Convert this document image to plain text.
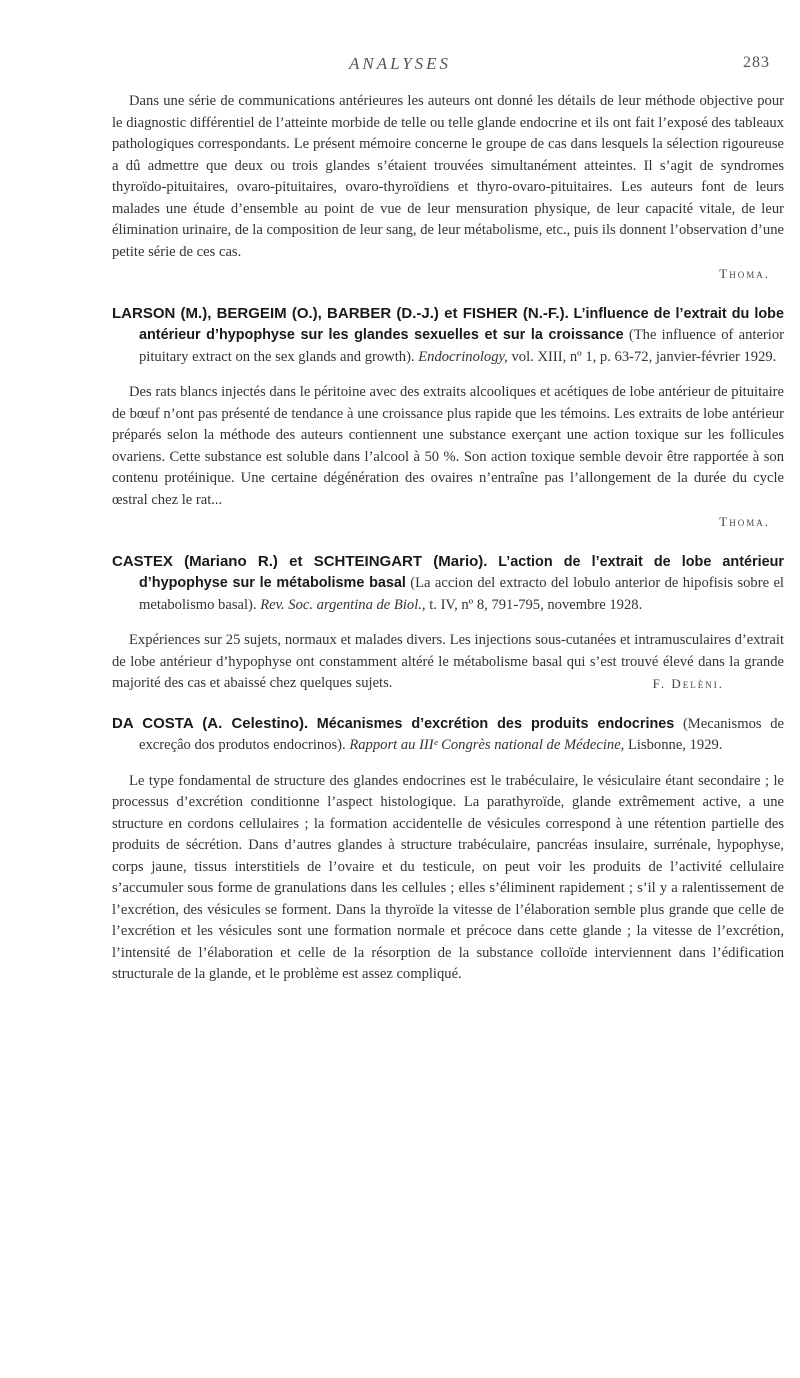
ANALYSES	283

Dans une série de communications antérieures les auteurs ont donné les détails de leur méthode objective pour le diagnostic différentiel de l’atteinte morbide de telle ou telle glande endocrine et ils ont fait l’exposé des tableaux pathologiques correspondants. Le présent mémoire concerne le groupe de cas dans lesquels la sélection rigoureuse a dû admettre que deux ou trois glandes s’étaient trouvées simultanément atteintes. Il s’agit de syndromes thyroïdo-pituitaires, ovaro-pituitaires, ovaro-thyroïdiens et thyro-ovaro-pituitaires. Les auteurs font de leurs malades une étude d’ensemble au point de vue de leur mensuration physique, de leur capacité vitale, de leur élimination urinaire, de la composition de leur sang, de leur métabolisme, etc., puis ils donnent l’observation d’une petite série de ces cas.

Thoma.

LARSON (M.), BERGEIM (O.), BARBER (D.-J.) et FISHER (N.-F.). L’influence de l’extrait du lobe antérieur d’hypophyse sur les glandes sexuelles et sur la croissance (The influence of anterior pituitary extract on the sex glands and growth). Endocrinology, vol. XIII, nº 1, p. 63-72, janvier-février 1929.

Des rats blancs injectés dans le péritoine avec des extraits alcooliques et acétiques de lobe antérieur de pituitaire de bœuf n’ont pas présenté de tendance à une croissance plus rapide que les témoins. Les extraits de lobe antérieur préparés selon la méthode des auteurs contiennent une substance exerçant une action toxique sur les follicules ovariens. Cette substance est soluble dans l’alcool à 50 %. Son action toxique semble devoir être rapportée à son contenu protéinique. Une certaine dégénération des ovaires n’entraîne pas l’allongement de la durée du cycle œstral chez le rat...

Thoma.

CASTEX (Mariano R.) et SCHTEINGART (Mario). L’action de l’extrait de lobe antérieur d’hypophyse sur le métabolisme basal (La accion del extracto del lobulo anterior de hipofisis sobre el metabolismo basal). Rev. Soc. argentina de Biol., t. IV, nº 8, 791-795, novembre 1928.

Expériences sur 25 sujets, normaux et malades divers. Les injections sous-cutanées et intramusculaires d’extrait de lobe antérieur d’hypophyse ont constamment altéré le métabolisme basal qui s’est trouvé élevé dans la grande majorité des cas et abaissé chez quelques sujets.	F. Delèni.

DA COSTA (A. Celestino). Mécanismes d’excrétion des produits endocrines (Mecanismos de excreçâo dos produtos endocrinos). Rapport au IIIᵉ Congrès national de Médecine, Lisbonne, 1929.

Le type fondamental de structure des glandes endocrines est le trabéculaire, le vésiculaire étant secondaire ; le processus d’excrétion conditionne l’aspect histologique. La parathyroïde, glande extrêmement active, a une structure en cordons cellulaires ; la formation accidentelle de vésicules correspond à une rétention partielle des produits de sécrétion. Dans d’autres glandes à structure trabéculaire, pancréas insulaire, surrénale, hypophyse, corps jaune, tissus interstitiels de l’ovaire et du testicule, on peut voir les produits de l’activité cellulaire s’accumuler sous forme de granulations dans les cellules ; elles s’éliminent rapidement ; s’il y a ralentissement de l’excrétion, des vésicules se forment. Dans la thyroïde la vitesse de l’élaboration semble plus grande que celle de l’excrétion et les vésicules sont une formation normale et précoce dans cette glande ; la vitesse de l’excrétion, l’intensité de l’élaboration et celle de la résorption de la substance colloïde interviennent dans l’édification structurale de la glande, et le problème est assez compliqué.
